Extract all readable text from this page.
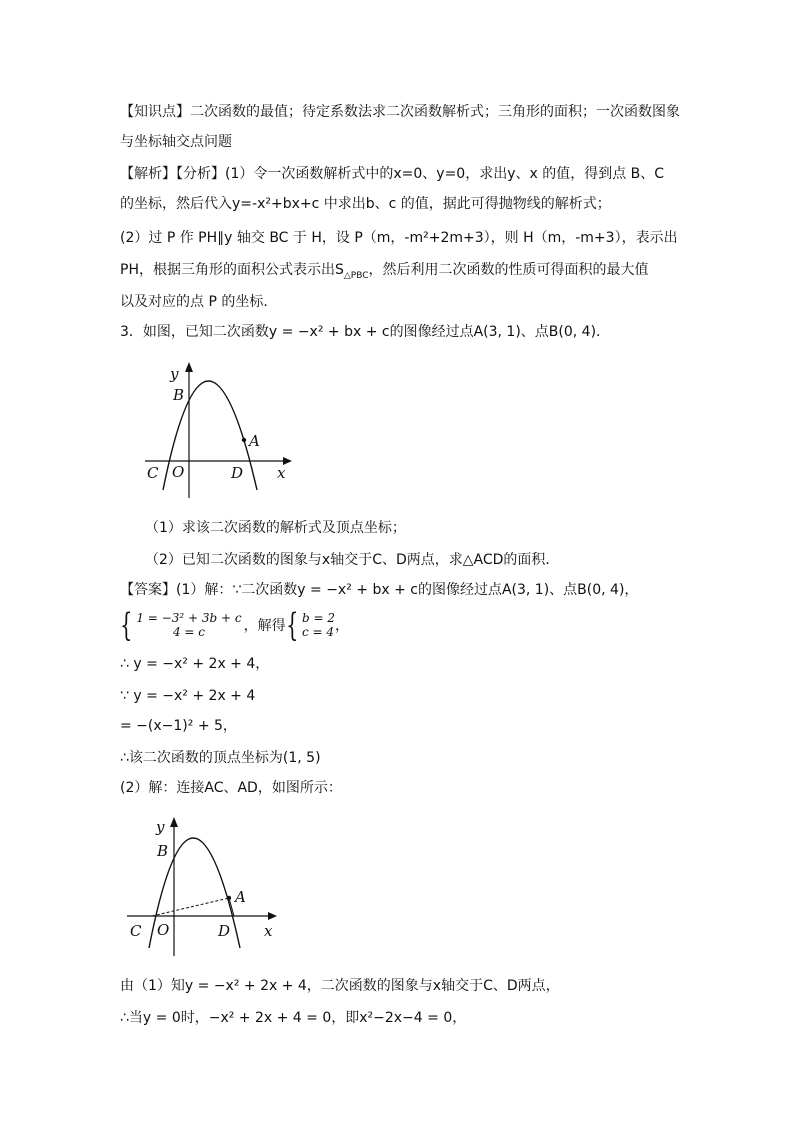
【知识点】二次函数的最值；待定系数法求二次函数解析式；三角形的面积；一次函数图象
与坐标轴交点问题
【解析】【分析】(1）令一次函数解析式中的x=0、y=0，求出y、x 的值，得到点 B、C
的坐标，然后代入y=-x²+bx+c 中求出b、c 的值，据此可得抛物线的解析式；
(2）过 P 作 PH∥y 轴交 BC 于 H，设 P（m，-m²+2m+3），则 H（m，-m+3），表示出
PH，根据三角形的面积公式表示出$S_{\triangle PBC}$，然后利用二次函数的性质可得面积的最大值
以及对应的点 P 的坐标.
3．如图，已知二次函数y = −x² + bx + c的图像经过点A(3, 1)、点B(0, 4)．
y
B
A
C O	D x
（1）求该二次函数的解析式及顶点坐标；
（2）已知二次函数的图象与x轴交于C、D两点，求△ACD的面积．
【答案】(1）解：∵二次函数y = −x² + bx + c的图像经过点A(3, 1)、点B(0, 4)，
{ 1 = −3² + 3b + c
4 = c	，解得 { b = 2
c = 4 ，
∴ y = −x² + 2x + 4，
∵ y = −x² + 2x + 4
= −(x−1)² + 5，
∴该二次函数的顶点坐标为(1, 5)
(2）解：连接AC、AD，如图所示：
y
B
A
C O	D x
由（1）知y = −x² + 2x + 4，二次函数的图象与x轴交于C、D两点，
∴当y = 0时，−x² + 2x + 4 = 0，即x²−2x−4 = 0，
